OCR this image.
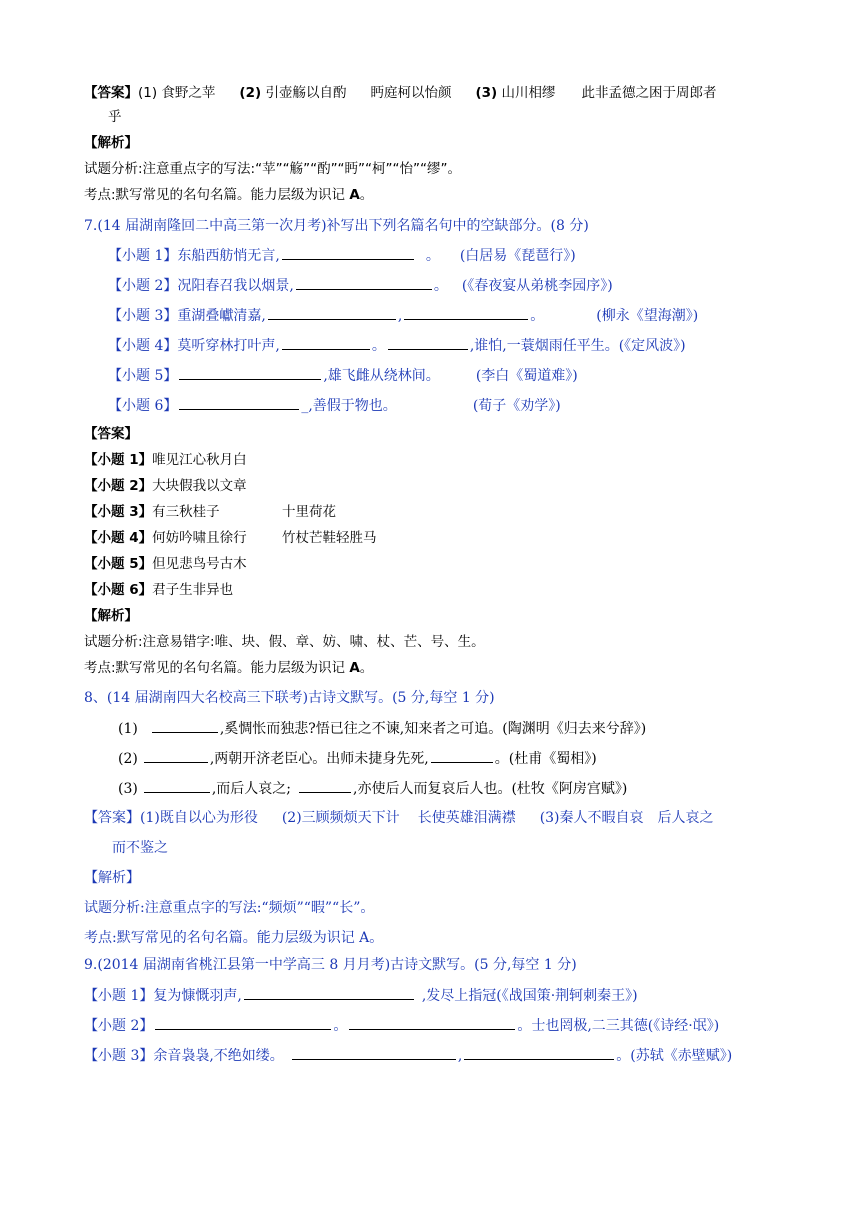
【答案】(1) 食野之苹 (2) 引壶觞以自酌 眄庭柯以怡颜 (3) 山川相缪 此非孟德之困于周郎者
乎
【解析】
试题分析:注意重点字的写法:“苹”“觞”“酌”“眄”“柯”“怡”“缪”。
考点:默写常见的名句名篇。能力层级为识记 A。
7.(14 届湖南隆回二中高三第一次月考)补写出下列名篇名句中的空缺部分。(8 分)
【小题 1】东船西舫悄无言,	。 (白居易《琵琶行》)
【小题 2】况阳春召我以烟景,	。 (《春夜宴从弟桃李园序》)
【小题 3】重湖叠巘清嘉,	,	。	(柳永《望海潮》)
【小题 4】莫听穿林打叶声,	。	,谁怕,一蓑烟雨任平生。(《定风波》)
【小题 5】	,雄飞雌从绕林间。	(李白《蜀道难》)
【小题 6】	_,善假于物也。	(荀子《劝学》)
【答案】
【小题 1】唯见江心秋月白
【小题 2】大块假我以文章
【小题 3】有三秋桂子	十里荷花
【小题 4】何妨吟啸且徐行	竹杖芒鞋轻胜马
【小题 5】但见悲鸟号古木
【小题 6】君子生非异也
【解析】
试题分析:注意易错字:唯、块、假、章、妨、啸、杖、芒、号、生。
考点:默写常见的名句名篇。能力层级为识记 A。
8、(14 届湖南四大名校高三下联考)古诗文默写。(5 分,每空 1 分)
(1)	,奚惆怅而独悲?悟已往之不谏,知来者之可追。(陶渊明《归去来兮辞》)
(2)	,两朝开济老臣心。出师未捷身先死,	。(杜甫《蜀相》)
(3)	,而后人哀之;	,亦使后人而复哀后人也。(杜牧《阿房宫赋》)
【答案】(1)既自以心为形役 (2)三顾频烦天下计 长使英雄泪满襟 (3)秦人不暇自哀 后人哀之
而不鉴之
【解析】
试题分析:注意重点字的写法:“频烦”“暇”“长”。
考点:默写常见的名句名篇。能力层级为识记 A。
9.(2014 届湖南省桃江县第一中学高三 8 月月考)古诗文默写。(5 分,每空 1 分)
【小题 1】复为慷慨羽声,	,发尽上指冠(《战国策·荆轲刺秦王》)
【小题 2】	。	。士也罔极,二三其德(《诗经·氓》)
【小题 3】余音袅袅,不绝如缕。	,	。(苏轼《赤壁赋》)
